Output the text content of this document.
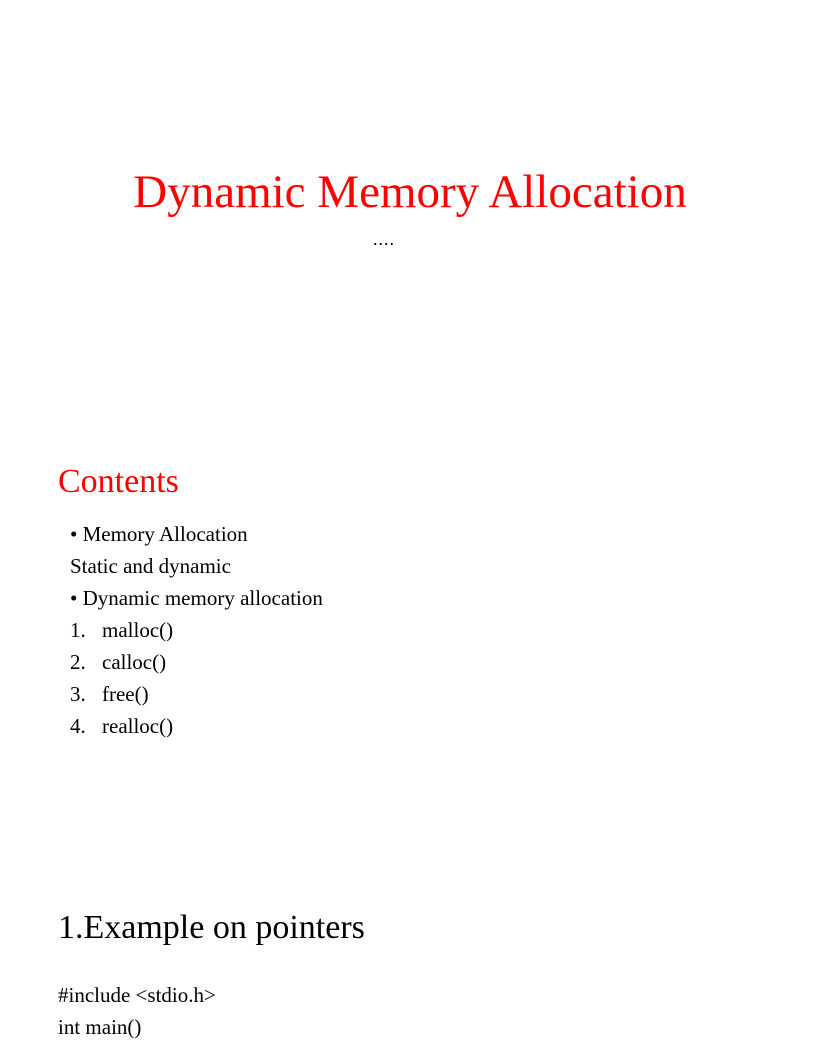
Dynamic Memory Allocation
....
Contents
• Memory Allocation
Static and dynamic
• Dynamic memory allocation
1. malloc()
2. calloc()
3. free()
4. realloc()
1.Example on pointers
#include <stdio.h>
int main()
